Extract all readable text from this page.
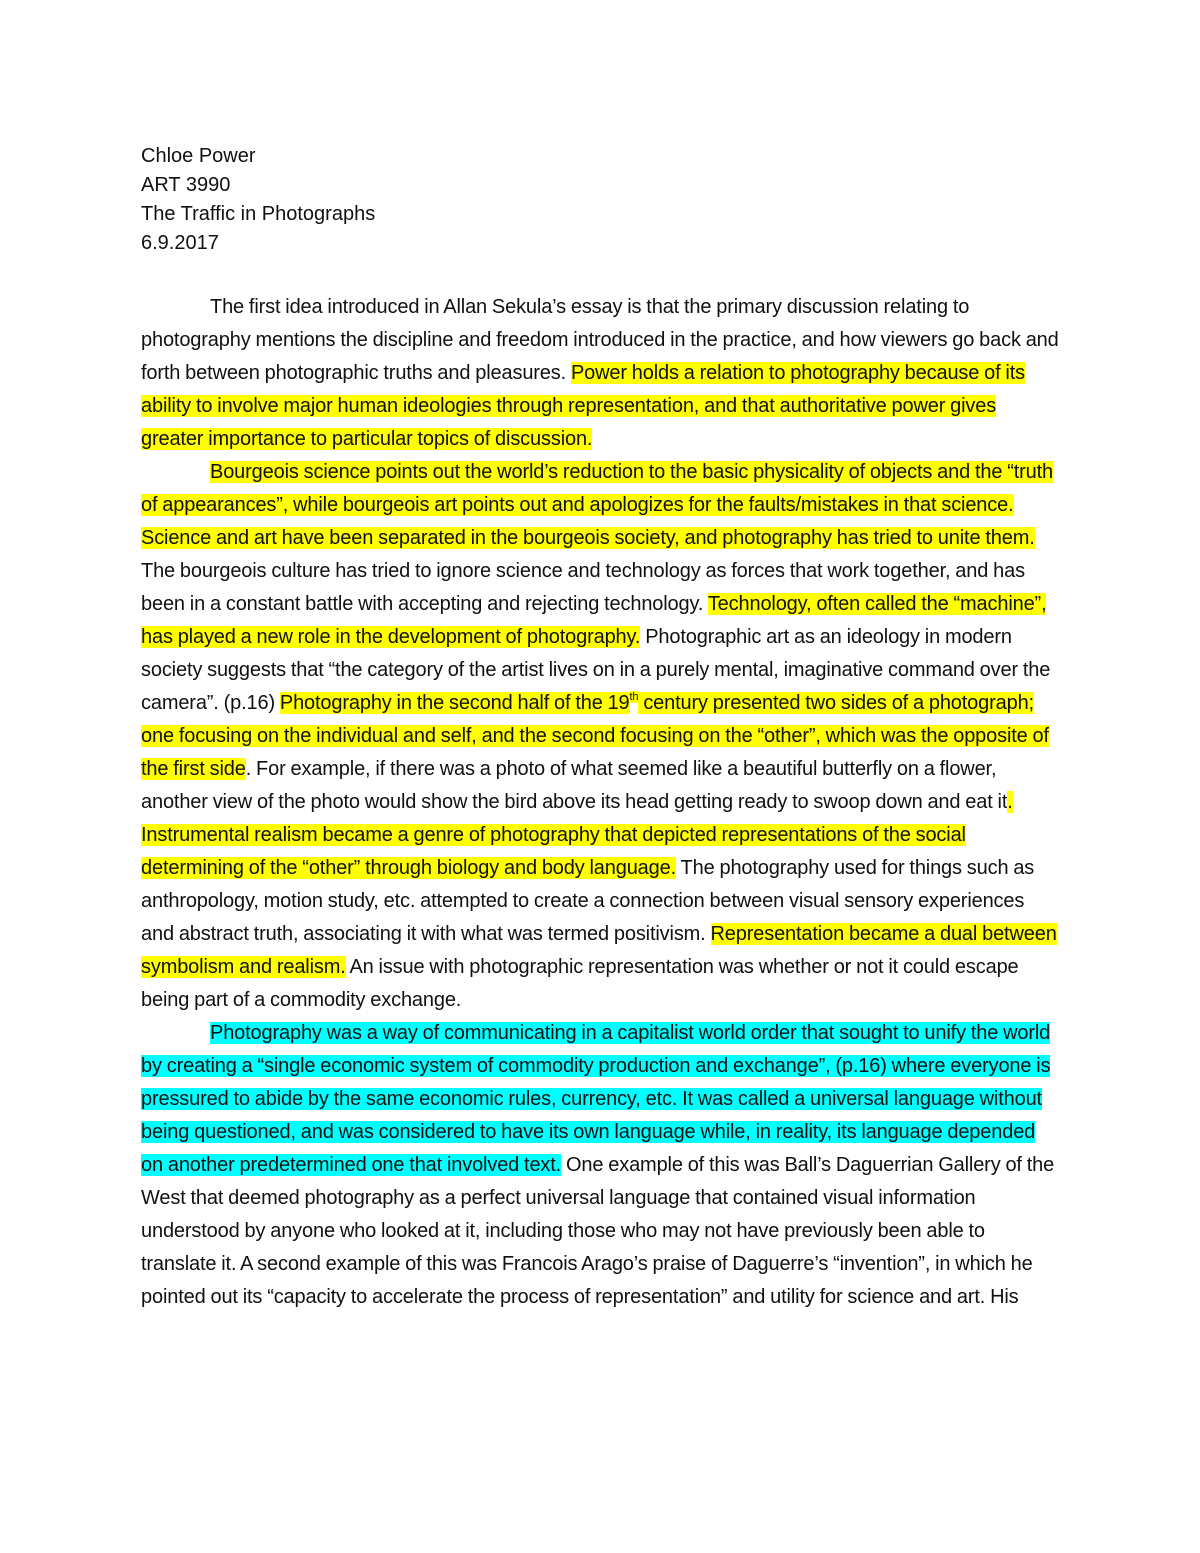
Chloe Power
ART 3990
The Traffic in Photographs
6.9.2017

The first idea introduced in Allan Sekula’s essay is that the primary discussion relating to photography mentions the discipline and freedom introduced in the practice, and how viewers go back and forth between photographic truths and pleasures. Power holds a relation to photography because of its ability to involve major human ideologies through representation, and that authoritative power gives greater importance to particular topics of discussion.

Bourgeois science points out the world’s reduction to the basic physicality of objects and the “truth of appearances”, while bourgeois art points out and apologizes for the faults/mistakes in that science. Science and art have been separated in the bourgeois society, and photography has tried to unite them. The bourgeois culture has tried to ignore science and technology as forces that work together, and has been in a constant battle with accepting and rejecting technology. Technology, often called the “machine”, has played a new role in the development of photography. Photographic art as an ideology in modern society suggests that “the category of the artist lives on in a purely mental, imaginative command over the camera”. (p.16) Photography in the second half of the 19th century presented two sides of a photograph; one focusing on the individual and self, and the second focusing on the “other”, which was the opposite of the first side. For example, if there was a photo of what seemed like a beautiful butterfly on a flower, another view of the photo would show the bird above its head getting ready to swoop down and eat it. Instrumental realism became a genre of photography that depicted representations of the social determining of the “other” through biology and body language. The photography used for things such as anthropology, motion study, etc. attempted to create a connection between visual sensory experiences and abstract truth, associating it with what was termed positivism. Representation became a dual between symbolism and realism. An issue with photographic representation was whether or not it could escape being part of a commodity exchange.

Photography was a way of communicating in a capitalist world order that sought to unify the world by creating a “single economic system of commodity production and exchange”, (p.16) where everyone is pressured to abide by the same economic rules, currency, etc. It was called a universal language without being questioned, and was considered to have its own language while, in reality, its language depended on another predetermined one that involved text. One example of this was Ball’s Daguerrian Gallery of the West that deemed photography as a perfect universal language that contained visual information understood by anyone who looked at it, including those who may not have previously been able to translate it. A second example of this was Francois Arago’s praise of Daguerre’s “invention”, in which he pointed out its “capacity to accelerate the process of representation” and utility for science and art. His
